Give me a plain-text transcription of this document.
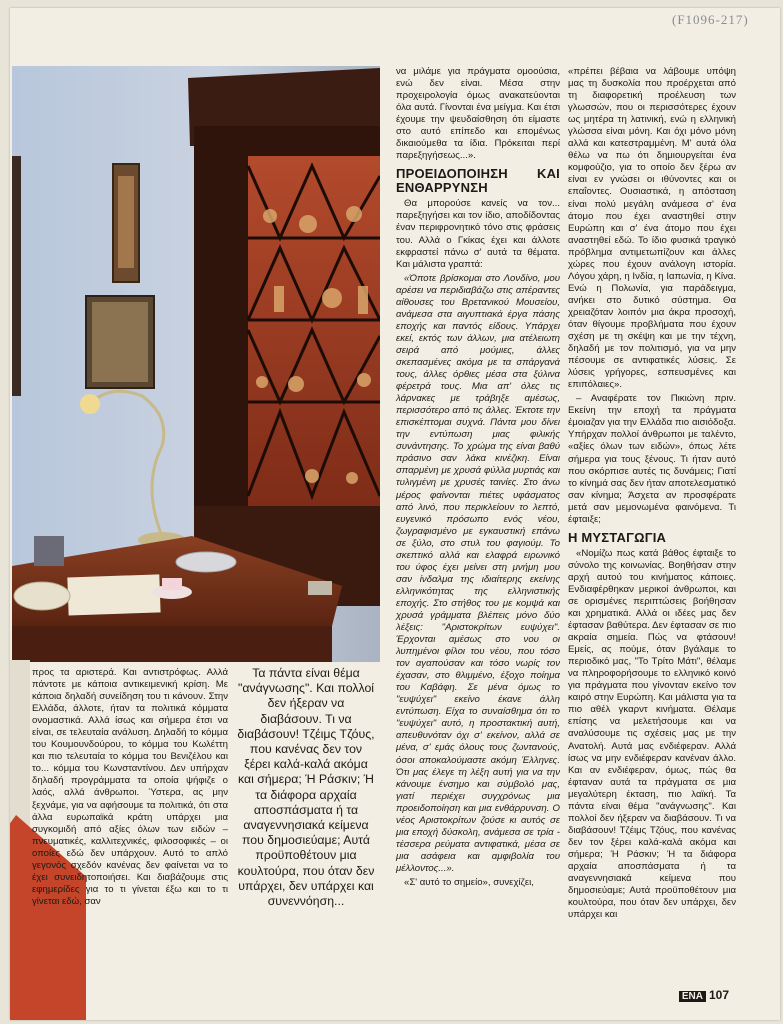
(F1096-217)

προς τα αριστερά. Και αντιστρόφως. Αλλά πάντοτε με κάποια αντικειμενική κρίση. Με κάποια δηλαδή συνείδηση του τι κάνουν. Στην Ελλάδα, άλλοτε, ήταν τα πολιτικά κόμματα ονομαστικά. Αλλά ίσως και σήμερα έτσι να είναι, σε τελευταία ανάλυση. Δηλαδή το κόμμα του Κουμουνδούρου, το κόμμα του Κωλέττη και πιο τελευταία το κόμμα του Βενιζέλου και το... κόμμα του Κωνσταντίνου. Δεν υπήρχαν δηλαδή προγράμματα τα οποία ψήφιζε ο λαός, αλλά άνθρωποι. Ύστερα, ας μην ξεχνάμε, για να αφήσουμε τα πολιτικά, ότι στα άλλα ευρωπαϊκά κράτη υπάρχει μια συγκομιδή από αξίες όλων των ειδών – πνευματικές, καλλιτεχνικές, φιλοσοφικές – οι οποίες εδώ δεν υπάρχουν. Αυτό το απλό γεγονός σχεδόν κανένας δεν φαίνεται να το έχει συνειδητοποιήσει. Και διαβάζουμε στις εφημερίδες για το τι γίνεται έξω και το τι γίνεται εδώ, σαν

Τα πάντα είναι θέμα "ανάγνωσης". Και πολλοί δεν ήξεραν να διαβάσουν. Τι να διαβάσουν! Τζέιμς Τζόυς, που κανένας δεν τον ξέρει καλά-καλά ακόμα και σήμερα; Ή Ράσκιν; Ή τα διάφορα αρχαία αποσπάσματα ή τα αναγεννησιακά κείμενα που δημοσιεύαμε; Αυτά προϋποθέτουν μια κουλτούρα, που όταν δεν υπάρχει, δεν υπάρχει και συνεννόηση...

να μιλάμε για πράγματα ομοούσια, ενώ δεν είναι. Μέσα στην προχειρολογία όμως ανακατεύονται όλα αυτά. Γίνονται ένα μείγμα. Και έτσι έχουμε την ψευδαίσθηση ότι είμαστε στο αυτό επίπεδο και επομένως δικαιούμεθα τα ίδια. Πρόκειται περί παρεξηγήσεως...».

ΠΡΟΕΙΔΟΠΟΙΗΣΗ ΚΑΙ ΕΝΘΑΡΡΥΝΣΗ

Θα μπορούσε κανείς να τον... παρεξηγήσει και τον ίδιο, αποδίδοντας έναν περιφρονητικό τόνο στις φράσεις του. Αλλά ο Γκίκας έχει και άλλοτε εκφραστεί πάνω σ' αυτά τα θέματα. Και μάλιστα γραπτά:

«Όποτε βρίσκομαι στο Λονδίνο, μου αρέσει να περιδιαβάζω στις απέραντες αίθουσες του Βρετανικού Μουσείου, ανάμεσα στα αιγυπτιακά έργα πάσης εποχής και παντός είδους. Υπάρχει εκεί, εκτός των άλλων, μια ατέλειωτη σειρά από μούμιες, άλλες σκεπασμένες ακόμα με τα σπάργανά τους, άλλες όρθιες μέσα στα ξύλινα φέρετρά τους. Μια απ' όλες τις λάρνακες με τράβηξε αμέσως, περισσότερο από τις άλλες. Έκτοτε την επισκέπτομαι συχνά. Πάντα μου δίνει την εντύπωση μιας φιλικής συνάντησης. Το χρώμα της είναι βαθύ πράσινο σαν λάκα κινέζικη. Είναι σπαρμένη με χρυσά φύλλα μυρτιάς και τυλιγμένη με χρυσές ταινίες. Στο άνω μέρος φαίνονται πιέτες υφάσματος από λινό, που περικλείουν το λεπτό, ευγενικό πρόσωπο ενός νέου, ζωγραφισμένο με εγκαυστική επάνω σε ξύλο, στο στυλ του φαγιούμ. Το σκεπτικό αλλά και ελαφρά ειρωνικό του ύφος έχει μείνει στη μνήμη μου σαν ίνδαλμα της ιδιαίτερης εκείνης ελληνικότητας της ελληνιστικής εποχής. Στο στήθος του με κομψά και χρυσά γράμματα βλέπεις μόνο δύο λέξεις: "Αριστοκρίτων ευψύχει". Έρχονται αμέσως στο νου οι λυπημένοι φίλοι του νέου, που τόσο τον αγαπούσαν και τόσο νωρίς τον έχασαν, στο θλιμμένο, έξοχο ποίημα του Καβάφη. Σε μένα όμως το "ευψύχει" εκείνο έκανε άλλη εντύπωση. Είχα το συναίσθημα ότι το "ευψύχει" αυτό, η προστακτική αυτή, απευθυνόταν όχι σ' εκείνον, αλλά σε μένα, σ' εμάς όλους τους ζωντανούς, όσοι αποκαλούμαστε ακόμη Έλληνες. Ότι μας έλεγε τη λέξη αυτή για να την κάνουμε ένσημο και σύμβολό μας, γιατί περιέχει συγχρόνως μια προειδοποίηση και μια ενθάρρυνση. Ο νέος Αριστοκρίτων ζούσε κι αυτός σε μια εποχή δύσκολη, ανάμεσα σε τρία - τέσσερα ρεύματα αντιφατικά, μέσα σε μια ασάφεια και αμφιβολία του μέλλοντος...».

«Σ' αυτό το σημείο», συνεχίζει,

«πρέπει βέβαια να λάβουμε υπόψη μας τη δυσκολία που προέρχεται από τη διαφορετική προέλευση των γλωσσών, που οι περισσότερες έχουν ως μητέρα τη λατινική, ενώ η ελληνική γλώσσα είναι μόνη. Και όχι μόνο μόνη αλλά και κατεστραμμένη. Μ' αυτά όλα θέλω να πω ότι δημιουργείται ένα κομφούζιο, για το οποίο δεν ξέρω αν είναι εν γνώσει οι ιθύνοντες και οι επαΐοντες. Ουσιαστικά, η απόσταση είναι πολύ μεγάλη ανάμεσα σ' ένα άτομο που έχει αναστηθεί στην Ευρώπη και σ' ένα άτομο που έχει αναστηθεί εδώ. Το ίδιο φυσικά τραγικό πρόβλημα αντιμετωπίζουν και άλλες χώρες που έχουν ανάλογη ιστορία. Λόγου χάρη, η Ινδία, η Ιαπωνία, η Κίνα. Ενώ η Πολωνία, για παράδειγμα, ανήκει στο δυτικό σύστημα. Θα χρειαζόταν λοιπόν μια άκρα προσοχή, όταν θίγουμε προβλήματα που έχουν σχέση με τη σκέψη και με την τέχνη, δηλαδή με τον πολιτισμό, για να μην πέσουμε σε αντιφατικές λύσεις. Σε λύσεις γρήγορες, εσπευσμένες και επιπόλαιες».

– Αναφέρατε τον Πικιώνη πριν. Εκείνη την εποχή τα πράγματα έμοιαζαν για την Ελλάδα πιο αισιόδοξα. Υπήρχαν πολλοί άνθρωποι με ταλέντο, «αξίες όλων των ειδών», όπως λέτε σήμερα για τους ξένους. Τι ήταν αυτό που σκόρπισε αυτές τις δυνάμεις; Γιατί το κίνημά σας δεν ήταν αποτελεσματικό σαν κίνημα; Άσχετα αν προσφέρατε μετά σαν μεμονωμένα φαινόμενα. Τι έφταιξε;

Η ΜΥΣΤΑΓΩΓΙΑ

«Νομίζω πως κατά βάθος έφταιξε το σύνολο της κοινωνίας. Βοηθήσαν στην αρχή αυτού του κινήματος κάποιες. Ενδιαφέρθηκαν μερικοί άνθρωποι, και σε ορισμένες περιπτώσεις βοήθησαν και χρηματικά. Αλλά οι ιδέες μας δεν έφτασαν βαθύτερα. Δεν έφτασαν σε πιο ακραία σημεία. Πώς να φτάσουν! Εμείς, ας πούμε, όταν βγάλαμε το περιοδικό μας, "Το Τρίτο Μάτι", θέλαμε να πληροφορήσουμε το ελληνικό κοινό για πράγματα που γίνονταν εκείνο τον καιρό στην Ευρώπη. Και μάλιστα για τα πιο αθέλ γκαρντ κινήματα. Θέλαμε επίσης να μελετήσουμε και να αναλύσουμε τις σχέσεις μας με την Ανατολή. Αυτά μας ενδιέφεραν. Αλλά ίσως να μην ενδιέφεραν κανέναν άλλο. Και αν ενδιέφεραν, όμως, πώς θα έφταναν αυτά τα πράγματα σε μια μεγαλύτερη έκταση, πιο λαϊκή. Τα πάντα είναι θέμα "ανάγνωσης". Και πολλοί δεν ήξεραν να διαβάσουν. Τι να διαβάσουν! Τζέιμς Τζόυς, που κανένας δεν τον ξέρει καλά-καλά ακόμα και σήμερα; Ή Ράσκιν; Ή τα διάφορα αρχαία αποσπάσματα ή τα αναγεννησιακά κείμενα που δημοσιεύαμε; Αυτά προϋποθέτουν μια κουλτούρα, που όταν δεν υπάρχει, δεν υπάρχει και

ΕΝΑ 107
